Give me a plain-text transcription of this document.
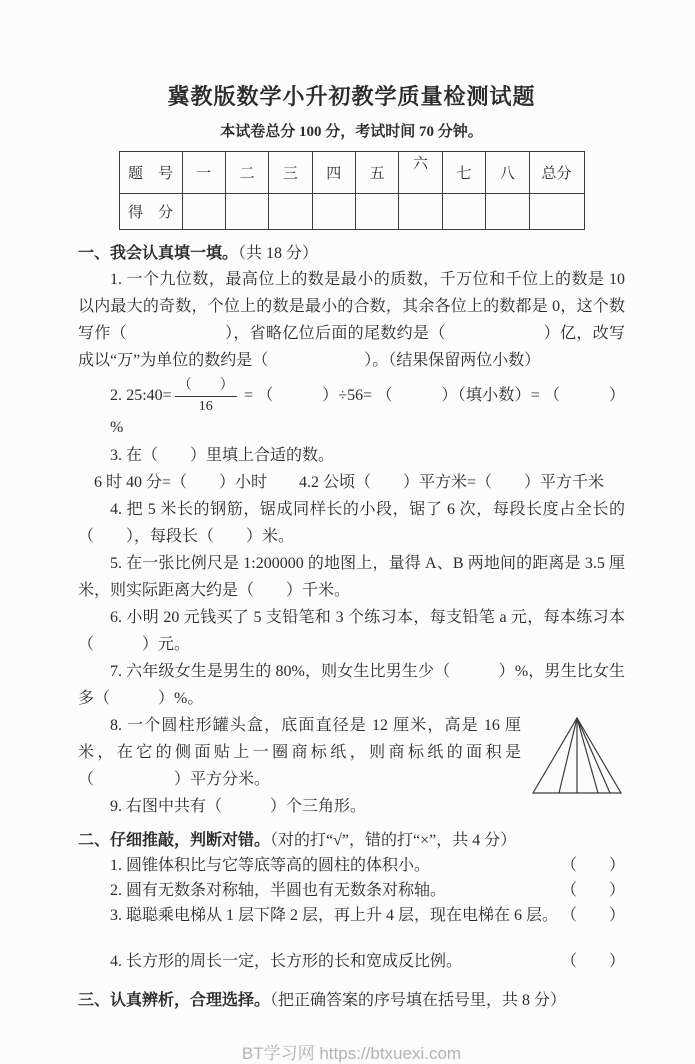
冀教版数学小升初教学质量检测试题

本试卷总分 100 分，考试时间 70 分钟。

题　号	一	二	三	四	五	六	七	八	总分
得　分									
一、我会认真填一填。（共 18 分）

1. 一个九位数，最高位上的数是最小的质数，千万位和千位上的数是 10 以内最大的奇数，个位上的数是最小的合数，其余各位上的数都是 0，这个数写作（　　　　　　），省略亿位后面的尾数约是（　　　　　　）亿，改写成以“万”为单位的数约是（　　　　　　）。（结果保留两位小数）

2. 25:40= $\frac{( )}{16}$ = （　　　）÷56= （　　　）（填小数）= （　　　）%

3. 在（　　）里填上合适的数。

6 时 40 分=（　　）小时　　4.2 公顷（　　）平方米=（　　）平方千米

4. 把 5 米长的钢筋，锯成同样长的小段，锯了 6 次，每段长度占全长的（　　），每段长（　　）米。

5. 在一张比例尺是 1:200000 的地图上，量得 A、B 两地间的距离是 3.5 厘米，则实际距离大约是（　　）千米。

6. 小明 20 元钱买了 5 支铅笔和 3 个练习本，每支铅笔 a 元，每本练习本（　　　）元。

7. 六年级女生是男生的 80%，则女生比男生少（　　　）%，男生比女生多（　　　）%。

8. 一个圆柱形罐头盒，底面直径是 12 厘米，高是 16 厘米，在它的侧面贴上一圈商标纸，则商标纸的面积是（　　　　　）平方分米。

9. 右图中共有（　　　）个三角形。

二、仔细推敲，判断对错。（对的打“√”，错的打“×”，共 4 分）
1. 圆锥体积比与它等底等高的圆柱的体积小。	（　　）
2. 圆有无数条对称轴，半圆也有无数条对称轴。	（　　）
3. 聪聪乘电梯从 1 层下降 2 层，再上升 4 层，现在电梯在 6 层。 （　　）
4. 长方形的周长一定，长方形的长和宽成反比例。	（　　）
三、认真辨析，合理选择。（把正确答案的序号填在括号里，共 8 分）
BT学习网 https://btxuexi.com
